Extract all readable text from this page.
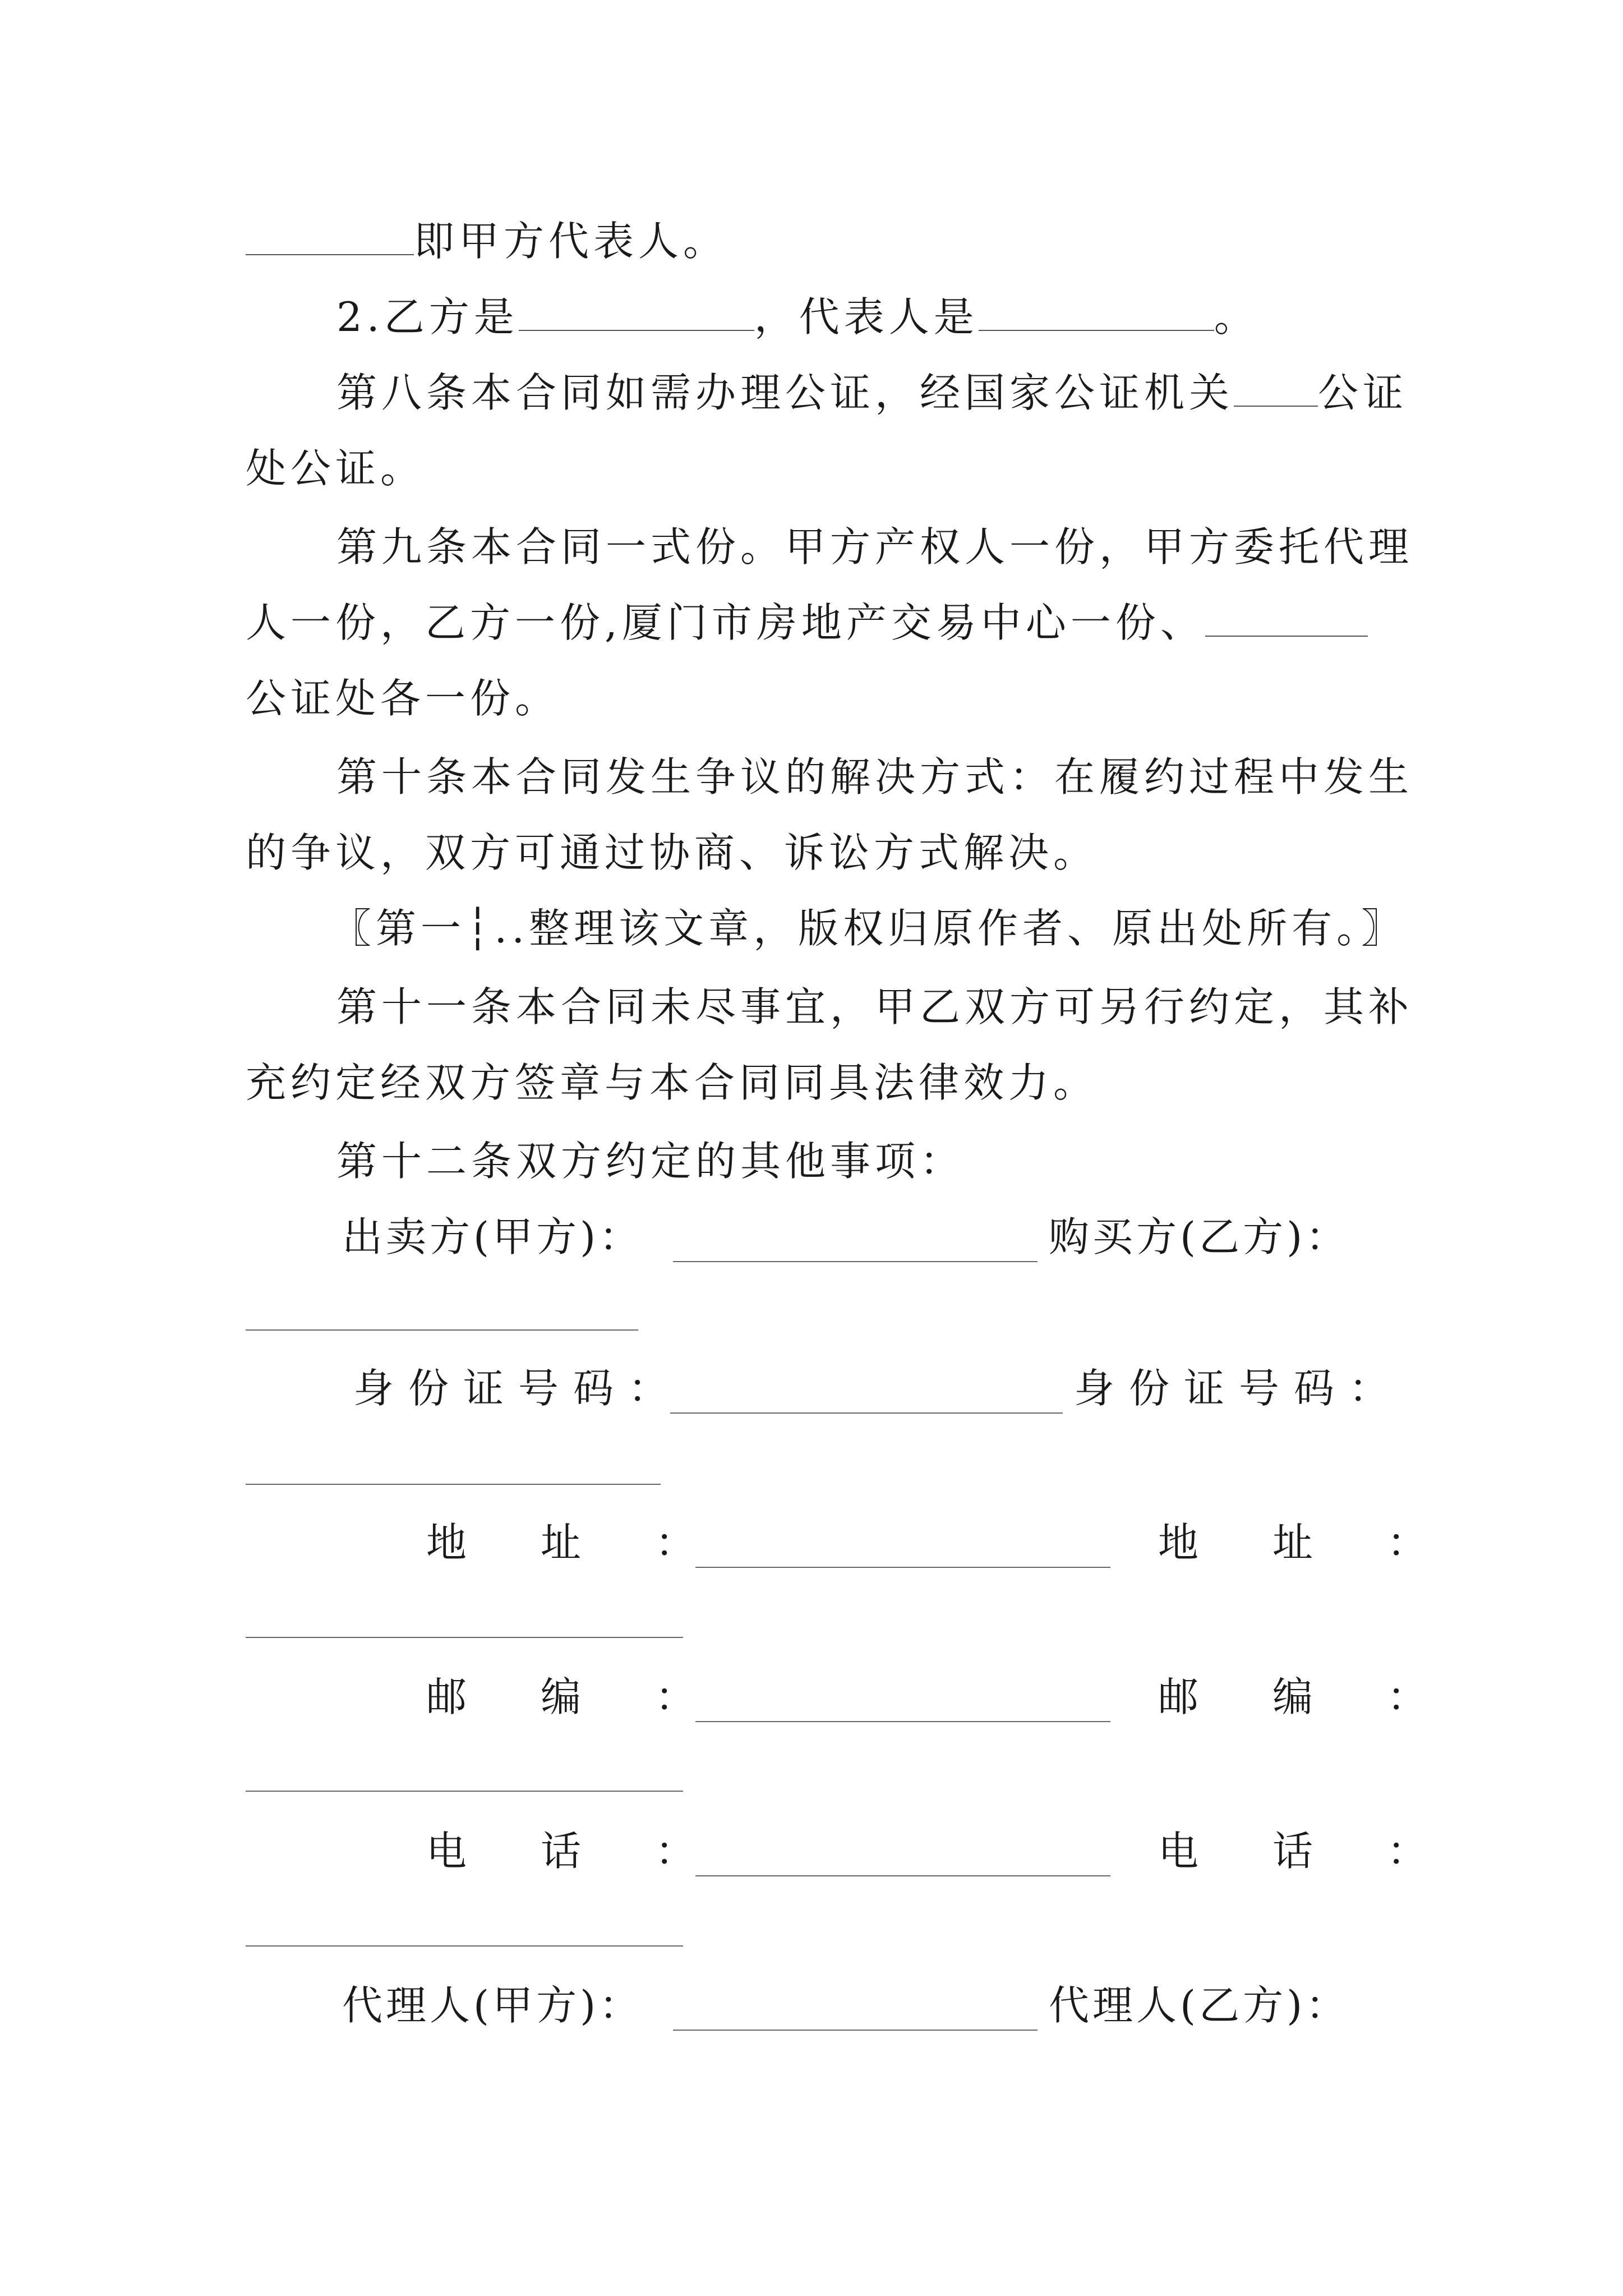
即甲方代表人。
2.乙方是	，代表人是	。
第八条本合同如需办理公证，经国家公证机关 公证
处公证。
第九条本合同一式份。甲方产权人一份，甲方委托代理
人一份，乙方一份,厦门市房地产交易中心一份、
公证处各一份。
第十条本合同发生争议的解决方式：在履约过程中发生
的争议，双方可通过协商、诉讼方式解决。
〖第一┆..整理该文章，版权归原作者、原出处所有。〗
第十一条本合同未尽事宜，甲乙双方可另行约定，其补
充约定经双方签章与本合同同具法律效力。
第十二条双方约定的其他事项：
出卖方(甲方)：	购买方(乙方)：
身份证号码：	身份证号码：
地　址　：	地　址　：
邮　编　：	邮　编　：
电　话　：	电　话　：
代理人(甲方)：	代理人(乙方)：
